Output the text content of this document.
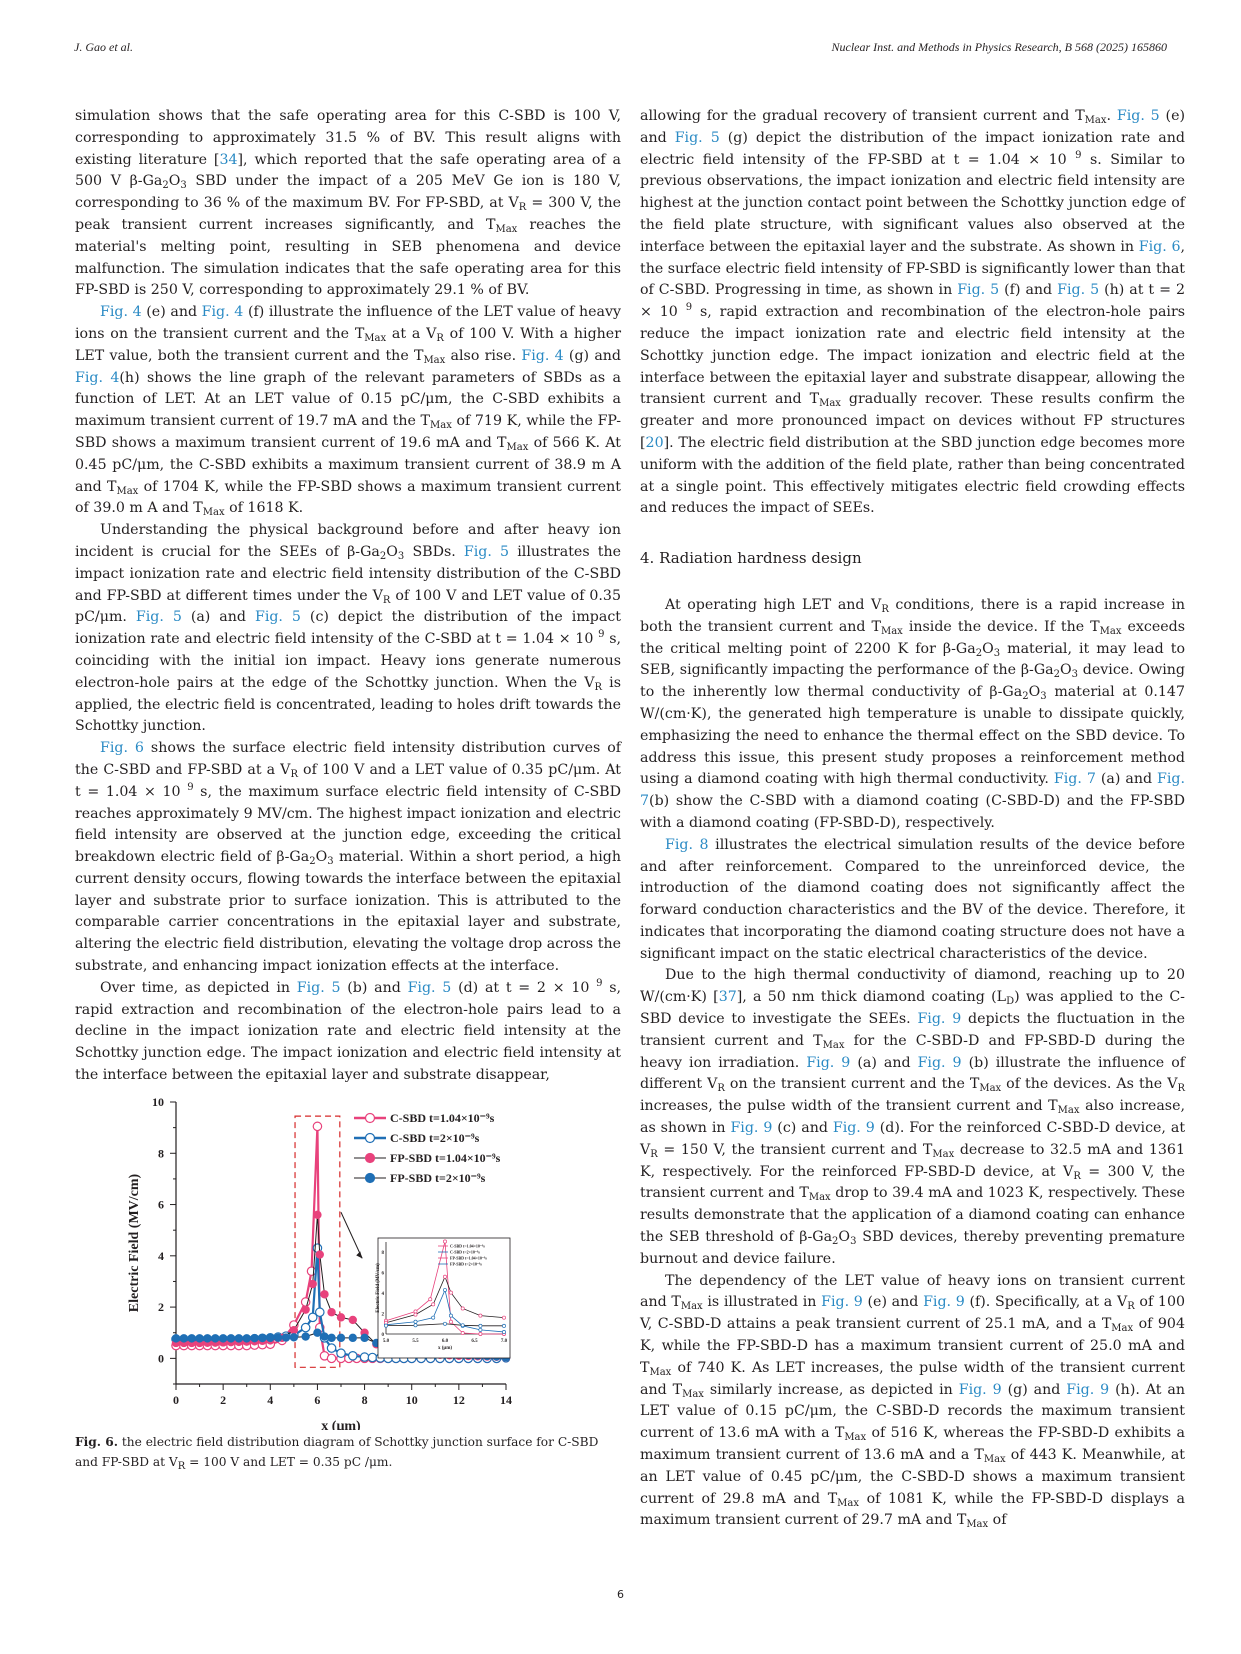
J. Gao et al.	Nuclear Inst. and Methods in Physics Research, B 568 (2025) 165860

simulation shows that the safe operating area for this C-SBD is 100 V, corresponding to approximately 31.5 % of BV. This result aligns with existing literature [34], which reported that the safe operating area of a 500 V $\beta-Ga_2O_3$ SBD under the impact of a 205 MeV Ge ion is 180 V, corresponding to 36 % of the maximum BV. For FP-SBD, at $V_R = 300$ V, the peak transient current increases significantly, and $T_{Max}$ reaches the material's melting point, resulting in SEB phenomena and device malfunction. The simulation indicates that the safe operating area for this FP-SBD is 250 V, corresponding to approximately 29.1 % of BV.

Fig. 4 (e) and Fig. 4 (f) illustrate the influence of the LET value of heavy ions on the transient current and the $T_{Max}$ at a $V_R$ of 100 V. With a higher LET value, both the transient current and the $T_{Max}$ also rise. Fig. 4 (g) and Fig. 4(h) shows the line graph of the relevant parameters of SBDs as a function of LET. At an LET value of 0.15 pC/μm, the C-SBD exhibits a maximum transient current of 19.7 mA and the $T_{Max}$ of 719 K, while the FP-SBD shows a maximum transient current of 19.6 mA and $T_{Max}$ of 566 K. At 0.45 pC/μm, the C-SBD exhibits a maximum transient current of 38.9 m A and $T_{Max}$ of 1704 K, while the FP-SBD shows a maximum transient current of 39.0 m A and $T_{Max}$ of 1618 K.

Understanding the physical background before and after heavy ion incident is crucial for the SEEs of $\beta-Ga_2O_3$ SBDs. Fig. 5 illustrates the impact ionization rate and electric field intensity distribution of the C-SBD and FP-SBD at different times under the $V_R$ of 100 V and LET value of 0.35 pC/μm. Fig. 5 (a) and Fig. 5 (c) depict the distribution of the impact ionization rate and electric field intensity of the C-SBD at t = 1.04 × 10 $^9$ s, coinciding with the initial ion impact. Heavy ions generate numerous electron-hole pairs at the edge of the Schottky junction. When the $V_R$ is applied, the electric field is concentrated, leading to holes drift towards the Schottky junction.

Fig. 6 shows the surface electric field intensity distribution curves of the C-SBD and FP-SBD at a $V_R$ of 100 V and a LET value of 0.35 pC/μm. At t = 1.04 × 10 $^9$ s, the maximum surface electric field intensity of C-SBD reaches approximately 9 MV/cm. The highest impact ionization and electric field intensity are observed at the junction edge, exceeding the critical breakdown electric field of $\beta-Ga_2O_3$ material. Within a short period, a high current density occurs, flowing towards the interface between the epitaxial layer and substrate prior to surface ionization. This is attributed to the comparable carrier concentrations in the epitaxial layer and substrate, altering the electric field distribution, elevating the voltage drop across the substrate, and enhancing impact ionization effects at the interface.

Over time, as depicted in Fig. 5 (b) and Fig. 5 (d) at t = 2 × 10 $^9$ s, rapid extraction and recombination of the electron-hole pairs lead to a decline in the impact ionization rate and electric field intensity at the Schottky junction edge. The impact ionization and electric field intensity at the interface between the epitaxial layer and substrate disappear,

allowing for the gradual recovery of transient current and $T_{Max}$. Fig. 5 (e) and Fig. 5 (g) depict the distribution of the impact ionization rate and electric field intensity of the FP-SBD at t = 1.04 × 10 $^9$ s. Similar to previous observations, the impact ionization and electric field intensity are highest at the junction contact point between the Schottky junction edge of the field plate structure, with significant values also observed at the interface between the epitaxial layer and the substrate. As shown in Fig. 6, the surface electric field intensity of FP-SBD is significantly lower than that of C-SBD. Progressing in time, as shown in Fig. 5 (f) and Fig. 5 (h) at t = 2 × 10 $^9$ s, rapid extraction and recombination of the electron-hole pairs reduce the impact ionization rate and electric field intensity at the Schottky junction edge. The impact ionization and electric field at the interface between the epitaxial layer and substrate disappear, allowing the transient current and $T_{Max}$ gradually recover. These results confirm the greater and more pronounced impact on devices without FP structures [20]. The electric field distribution at the SBD junction edge becomes more uniform with the addition of the field plate, rather than being concentrated at a single point. This effectively mitigates electric field crowding effects and reduces the impact of SEEs.

4. Radiation hardness design

At operating high LET and $V_R$ conditions, there is a rapid increase in both the transient current and $T_{Max}$ inside the device. If the $T_{Max}$ exceeds the critical melting point of 2200 K for $\beta-Ga_2O_3$ material, it may lead to SEB, significantly impacting the performance of the $\beta-Ga_2O_3$ device. Owing to the inherently low thermal conductivity of $\beta-Ga_2O_3$ material at 0.147 W/(cm·K), the generated high temperature is unable to dissipate quickly, emphasizing the need to enhance the thermal effect on the SBD device. To address this issue, this present study proposes a reinforcement method using a diamond coating with high thermal conductivity. Fig. 7 (a) and Fig. 7(b) show the C-SBD with a diamond coating (C-SBD-D) and the FP-SBD with a diamond coating (FP-SBD-D), respectively.

Fig. 8 illustrates the electrical simulation results of the device before and after reinforcement. Compared to the unreinforced device, the introduction of the diamond coating does not significantly affect the forward conduction characteristics and the BV of the device. Therefore, it indicates that incorporating the diamond coating structure does not have a significant impact on the static electrical characteristics of the device.

Due to the high thermal conductivity of diamond, reaching up to 20 W/(cm·K) [37], a 50 nm thick diamond coating $(L_D)$ was applied to the C-SBD device to investigate the SEEs. Fig. 9 depicts the fluctuation in the transient current and $T_{Max}$ for the C-SBD-D and FP-SBD-D during the heavy ion irradiation. Fig. 9 (a) and Fig. 9 (b) illustrate the influence of different $V_R$ on the transient current and the $T_{Max}$ of the devices. As the $V_R$ increases, the pulse width of the transient current and $T_{Max}$ also increase, as shown in Fig. 9 (c) and Fig. 9 (d). For the reinforced C-SBD-D device, at $V_R = 150$ V, the transient current and $T_{Max}$ decrease to 32.5 mA and 1361 K, respectively. For the reinforced FP-SBD-D device, at $V_R = 300$ V, the transient current and $T_{Max}$ drop to 39.4 mA and 1023 K, respectively. These results demonstrate that the application of a diamond coating can enhance the SEB threshold of $\beta-Ga_2O_3$ SBD devices, thereby preventing premature burnout and device failure.

The dependency of the LET value of heavy ions on transient current and $T_{Max}$ is illustrated in Fig. 9 (e) and Fig. 9 (f). Specifically, at a $V_R$ of 100 V, C-SBD-D attains a peak transient current of 25.1 mA, and a $T_{Max}$ of 904 K, while the FP-SBD-D has a maximum transient current of 25.0 mA and $T_{Max}$ of 740 K. As LET increases, the pulse width of the transient current and $T_{Max}$ similarly increase, as depicted in Fig. 9 (g) and Fig. 9 (h). At an LET value of 0.15 pC/μm, the C-SBD-D records the maximum transient current of 13.6 mA with a $T_{Max}$ of 516 K, whereas the FP-SBD-D exhibits a maximum transient current of 13.6 mA and a $T_{Max}$ of 443 K. Meanwhile, at an LET value of 0.45 pC/μm, the C-SBD-D shows a maximum transient current of 29.8 mA and $T_{Max}$ of 1081 K, while the FP-SBD-D displays a maximum transient current of 29.7 mA and $T_{Max}$ of

0	2	4	6	8	10	12	14
0
2
4
6
8
10
x (μm)
Electric Field (MV/cm)
C-SBD t=1.04×10⁻⁹s
C-SBD t=2×10⁻⁹s
FP-SBD t=1.04×10⁻⁹s
FP-SBD t=2×10⁻⁹s
5.0	5.5	6.0	6.5	7.0
0
2
4
6
8
x (μm)
Electric Field (MV/cm)
C-SBD t=1.04×10⁻⁹s
C-SBD t=2×10⁻⁹s
FP-SBD t=1.04×10⁻⁹s
FP-SBD t=2×10⁻⁹s
Fig. 6. the electric field distribution diagram of Schottky junction surface for C-SBD and FP-SBD at $V_R = 100$ V and LET = 0.35 pC /μm.
6
